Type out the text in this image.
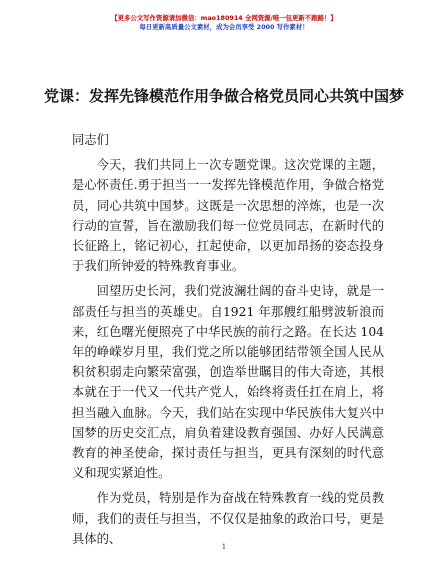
【更多公文写作资源请加微信：mao180914 全网资源/唯一包更新不跑路！】
每日更新高质量公文素材，成为会员享受 2000 写作素材！
党课：发挥先锋模范作用争做合格党员同心共筑中国梦

同志们

今天，我们共同上一次专题党课。这次党课的主题，是心怀责任.勇于担当一一发挥先锋模范作用，争做合格党员，同心共筑中国梦。这既是一次思想的淬炼，也是一次行动的宣誓，旨在激励我们每一位党员同志，在新时代的长征路上，铭记初心，扛起使命，以更加昂扬的姿态投身于我们所钟爱的特殊教育事业。

回望历史长河，我们党波澜壮阔的奋斗史诗，就是一部责任与担当的英雄史。自1921 年那艘红船劈波斩浪而来，红色曙光便照亮了中华民族的前行之路。在长达 104 年的峥嵘岁月里，我们党之所以能够团结带领全国人民从积贫积弱走向繁荣富强，创造举世瞩目的伟大奇迹，其根本就在于一代又一代共产党人，始终将责任扛在肩上，将担当融入血脉。今天，我们站在实现中华民族伟大复兴中国梦的历史交汇点，肩负着建设教育强国、办好人民满意教育的神圣使命，探讨责任与担当，更具有深刻的时代意义和现实紧迫性。

作为党员，特别是作为奋战在特殊教育一线的党员教师，我们的责任与担当，不仅仅是抽象的政治口号，更是具体的、

1
